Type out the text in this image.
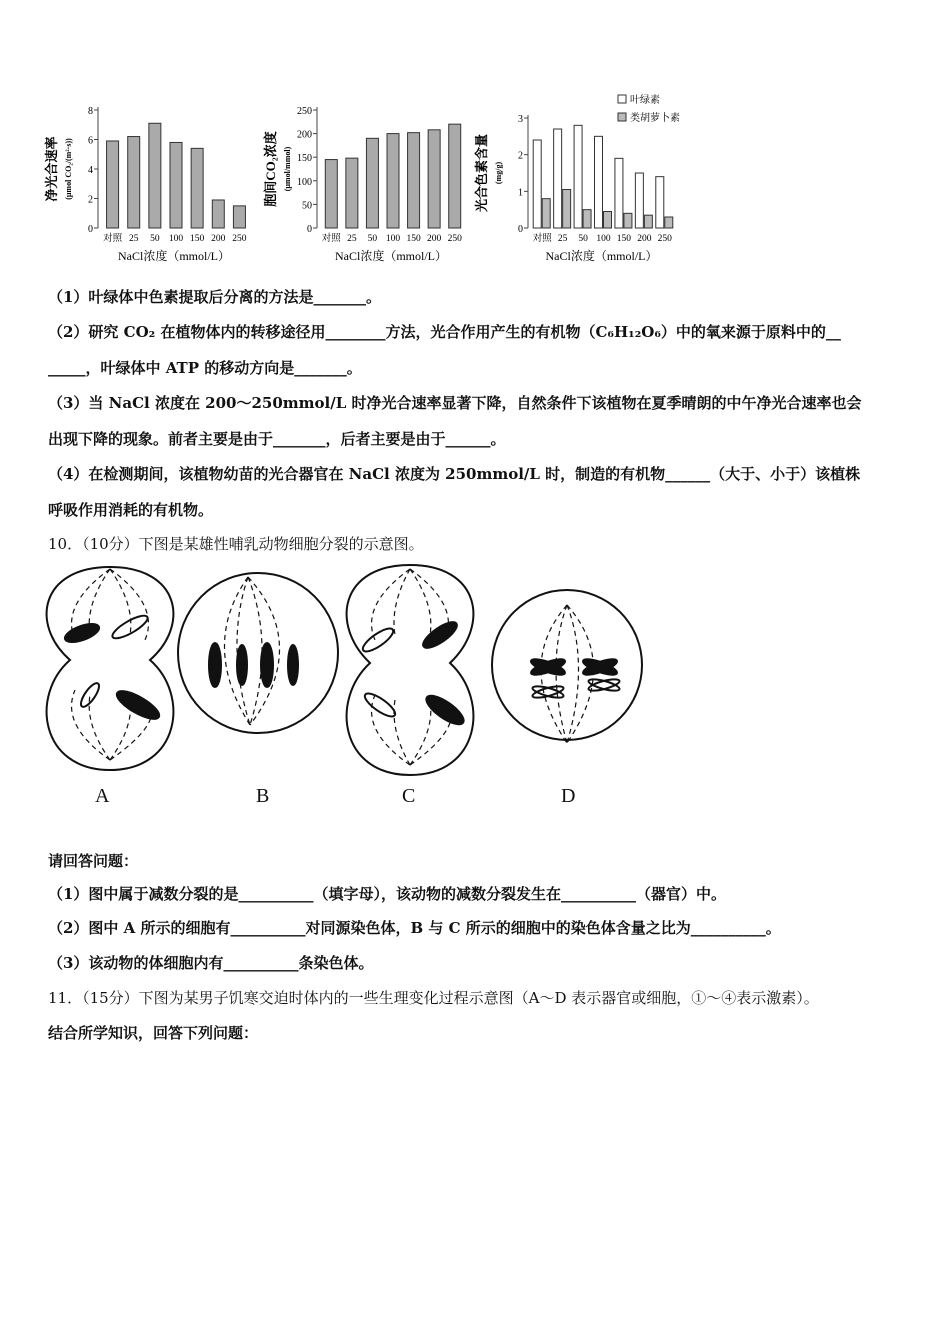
0
2
4
6
8
对照 25 50 100 150 200 250
NaCl浓度（mmol/L）
净光合速率 (μmol CO₂/(m²·s))
0
50
100
150
200
250
对照 25 50 100 150 200 250
NaCl浓度（mmol/L）
胞间CO₂浓度 (μmol/mmol)
0
1
2
3
对照 25 50 100 150 200 250
NaCl浓度（mmol/L）
光合色素含量 (mg/g)
叶绿素
类胡萝卜素
（1）叶绿体中色素提取后分离的方法是_______。
（2）研究 CO₂ 在植物体内的转移途径用________方法，光合作用产生的有机物（C₆H₁₂O₆）中的氧来源于原料中的__
_____，叶绿体中 ATP 的移动方向是_______。
（3）当 NaCl 浓度在 200～250mmol/L 时净光合速率显著下降，自然条件下该植物在夏季晴朗的中午净光合速率也会
出现下降的现象。前者主要是由于_______，后者主要是由于______。
（4）在检测期间，该植物幼苗的光合器官在 NaCl 浓度为 250mmol/L 时，制造的有机物______（大于、小于）该植株
呼吸作用消耗的有机物。
10．（10分）下图是某雄性哺乳动物细胞分裂的示意图。
A	B	C	D
请回答问题：
（1）图中属于减数分裂的是__________（填字母），该动物的减数分裂发生在__________（器官）中。
（2）图中 A 所示的细胞有__________对同源染色体，B 与 C 所示的细胞中的染色体含量之比为__________。
（3）该动物的体细胞内有__________条染色体。
11．（15分）下图为某男子饥寒交迫时体内的一些生理变化过程示意图（A～D 表示器官或细胞，①～④表示激素）。
结合所学知识，回答下列问题：
